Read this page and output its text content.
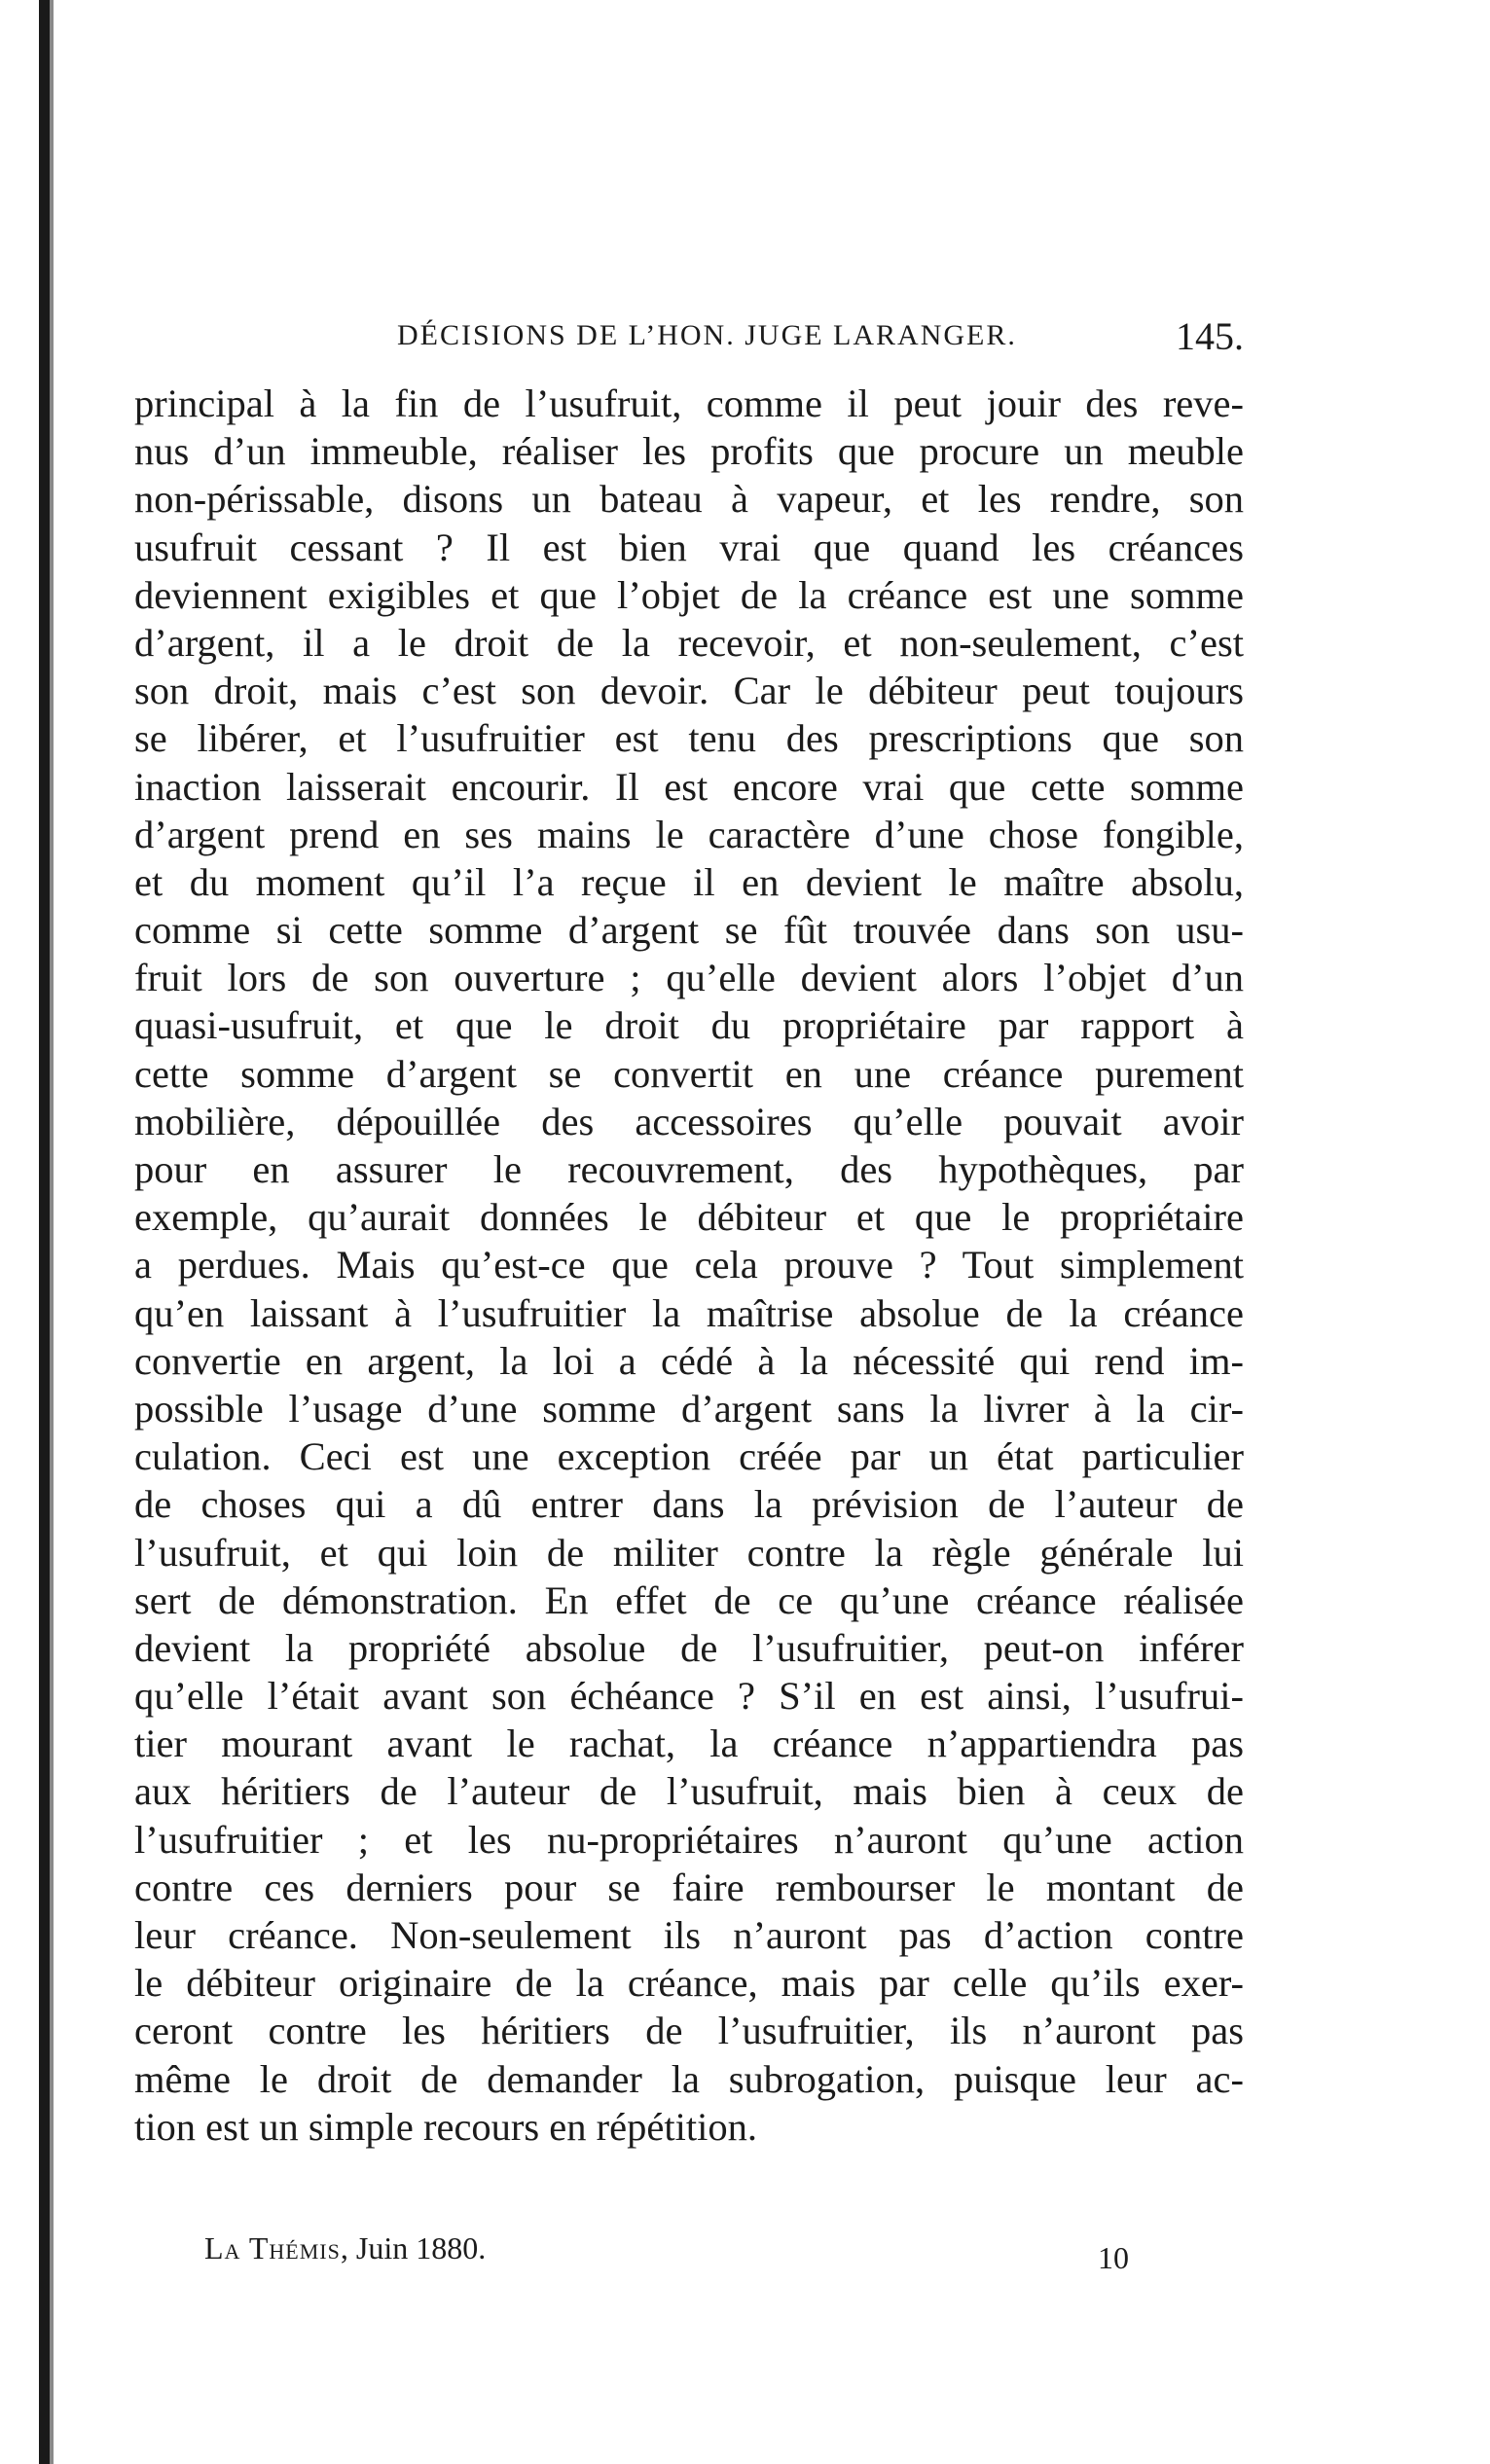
DÉCISIONS DE L’HON. JUGE LARANGER.	145.
principal à la fin de l’usufruit, comme il peut jouir des reve-
nus d’un immeuble, réaliser les profits que procure un meuble
non-périssable, disons un bateau à vapeur, et les rendre, son
usufruit cessant ? Il est bien vrai que quand les créances
deviennent exigibles et que l’objet de la créance est une somme
d’argent, il a le droit de la recevoir, et non-seulement, c’est
son droit, mais c’est son devoir. Car le débiteur peut toujours
se libérer, et l’usufruitier est tenu des prescriptions que son
inaction laisserait encourir. Il est encore vrai que cette somme
d’argent prend en ses mains le caractère d’une chose fongible,
et du moment qu’il l’a reçue il en devient le maître absolu,
comme si cette somme d’argent se fût trouvée dans son usu-
fruit lors de son ouverture ; qu’elle devient alors l’objet d’un
quasi-usufruit, et que le droit du propriétaire par rapport à
cette somme d’argent se convertit en une créance purement
mobilière, dépouillée des accessoires qu’elle pouvait avoir
pour en assurer le recouvrement, des hypothèques, par
exemple, qu’aurait données le débiteur et que le propriétaire
a perdues. Mais qu’est-ce que cela prouve ? Tout simplement
qu’en laissant à l’usufruitier la maîtrise absolue de la créance
convertie en argent, la loi a cédé à la nécessité qui rend im-
possible l’usage d’une somme d’argent sans la livrer à la cir-
culation. Ceci est une exception créée par un état particulier
de choses qui a dû entrer dans la prévision de l’auteur de
l’usufruit, et qui loin de militer contre la règle générale lui
sert de démonstration. En effet de ce qu’une créance réalisée
devient la propriété absolue de l’usufruitier, peut-on inférer
qu’elle l’était avant son échéance ? S’il en est ainsi, l’usufrui-
tier mourant avant le rachat, la créance n’appartiendra pas
aux héritiers de l’auteur de l’usufruit, mais bien à ceux de
l’usufruitier ; et les nu-propriétaires n’auront qu’une action
contre ces derniers pour se faire rembourser le montant de
leur créance. Non-seulement ils n’auront pas d’action contre
le débiteur originaire de la créance, mais par celle qu’ils exer-
ceront contre les héritiers de l’usufruitier, ils n’auront pas
même le droit de demander la subrogation, puisque leur ac-
tion est un simple recours en répétition.
La Thémis, Juin 1880.	10
